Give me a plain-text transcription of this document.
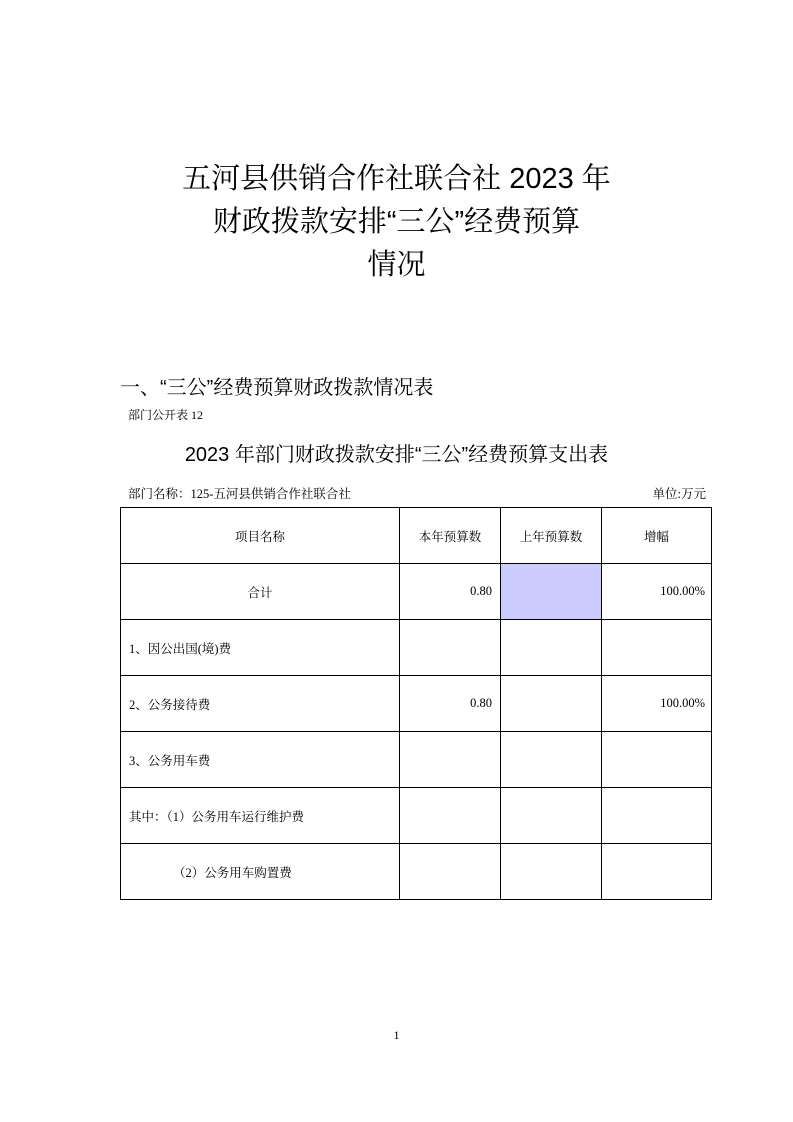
五河县供销合作社联合社 2023 年
财政拨款安排“三公”经费预算
情况
一、“三公”经费预算财政拨款情况表
部门公开表 12
2023 年部门财政拨款安排“三公”经费预算支出表
部门名称：125-五河县供销合作社联合社	单位:万元
项目名称	本年预算数	上年预算数	增幅
合计	0.80		100.00%
1、因公出国(境)费			
2、公务接待费	0.80		100.00%
3、公务用车费			
其中：（1）公务用车运行维护费			
（2）公务用车购置费			
1
